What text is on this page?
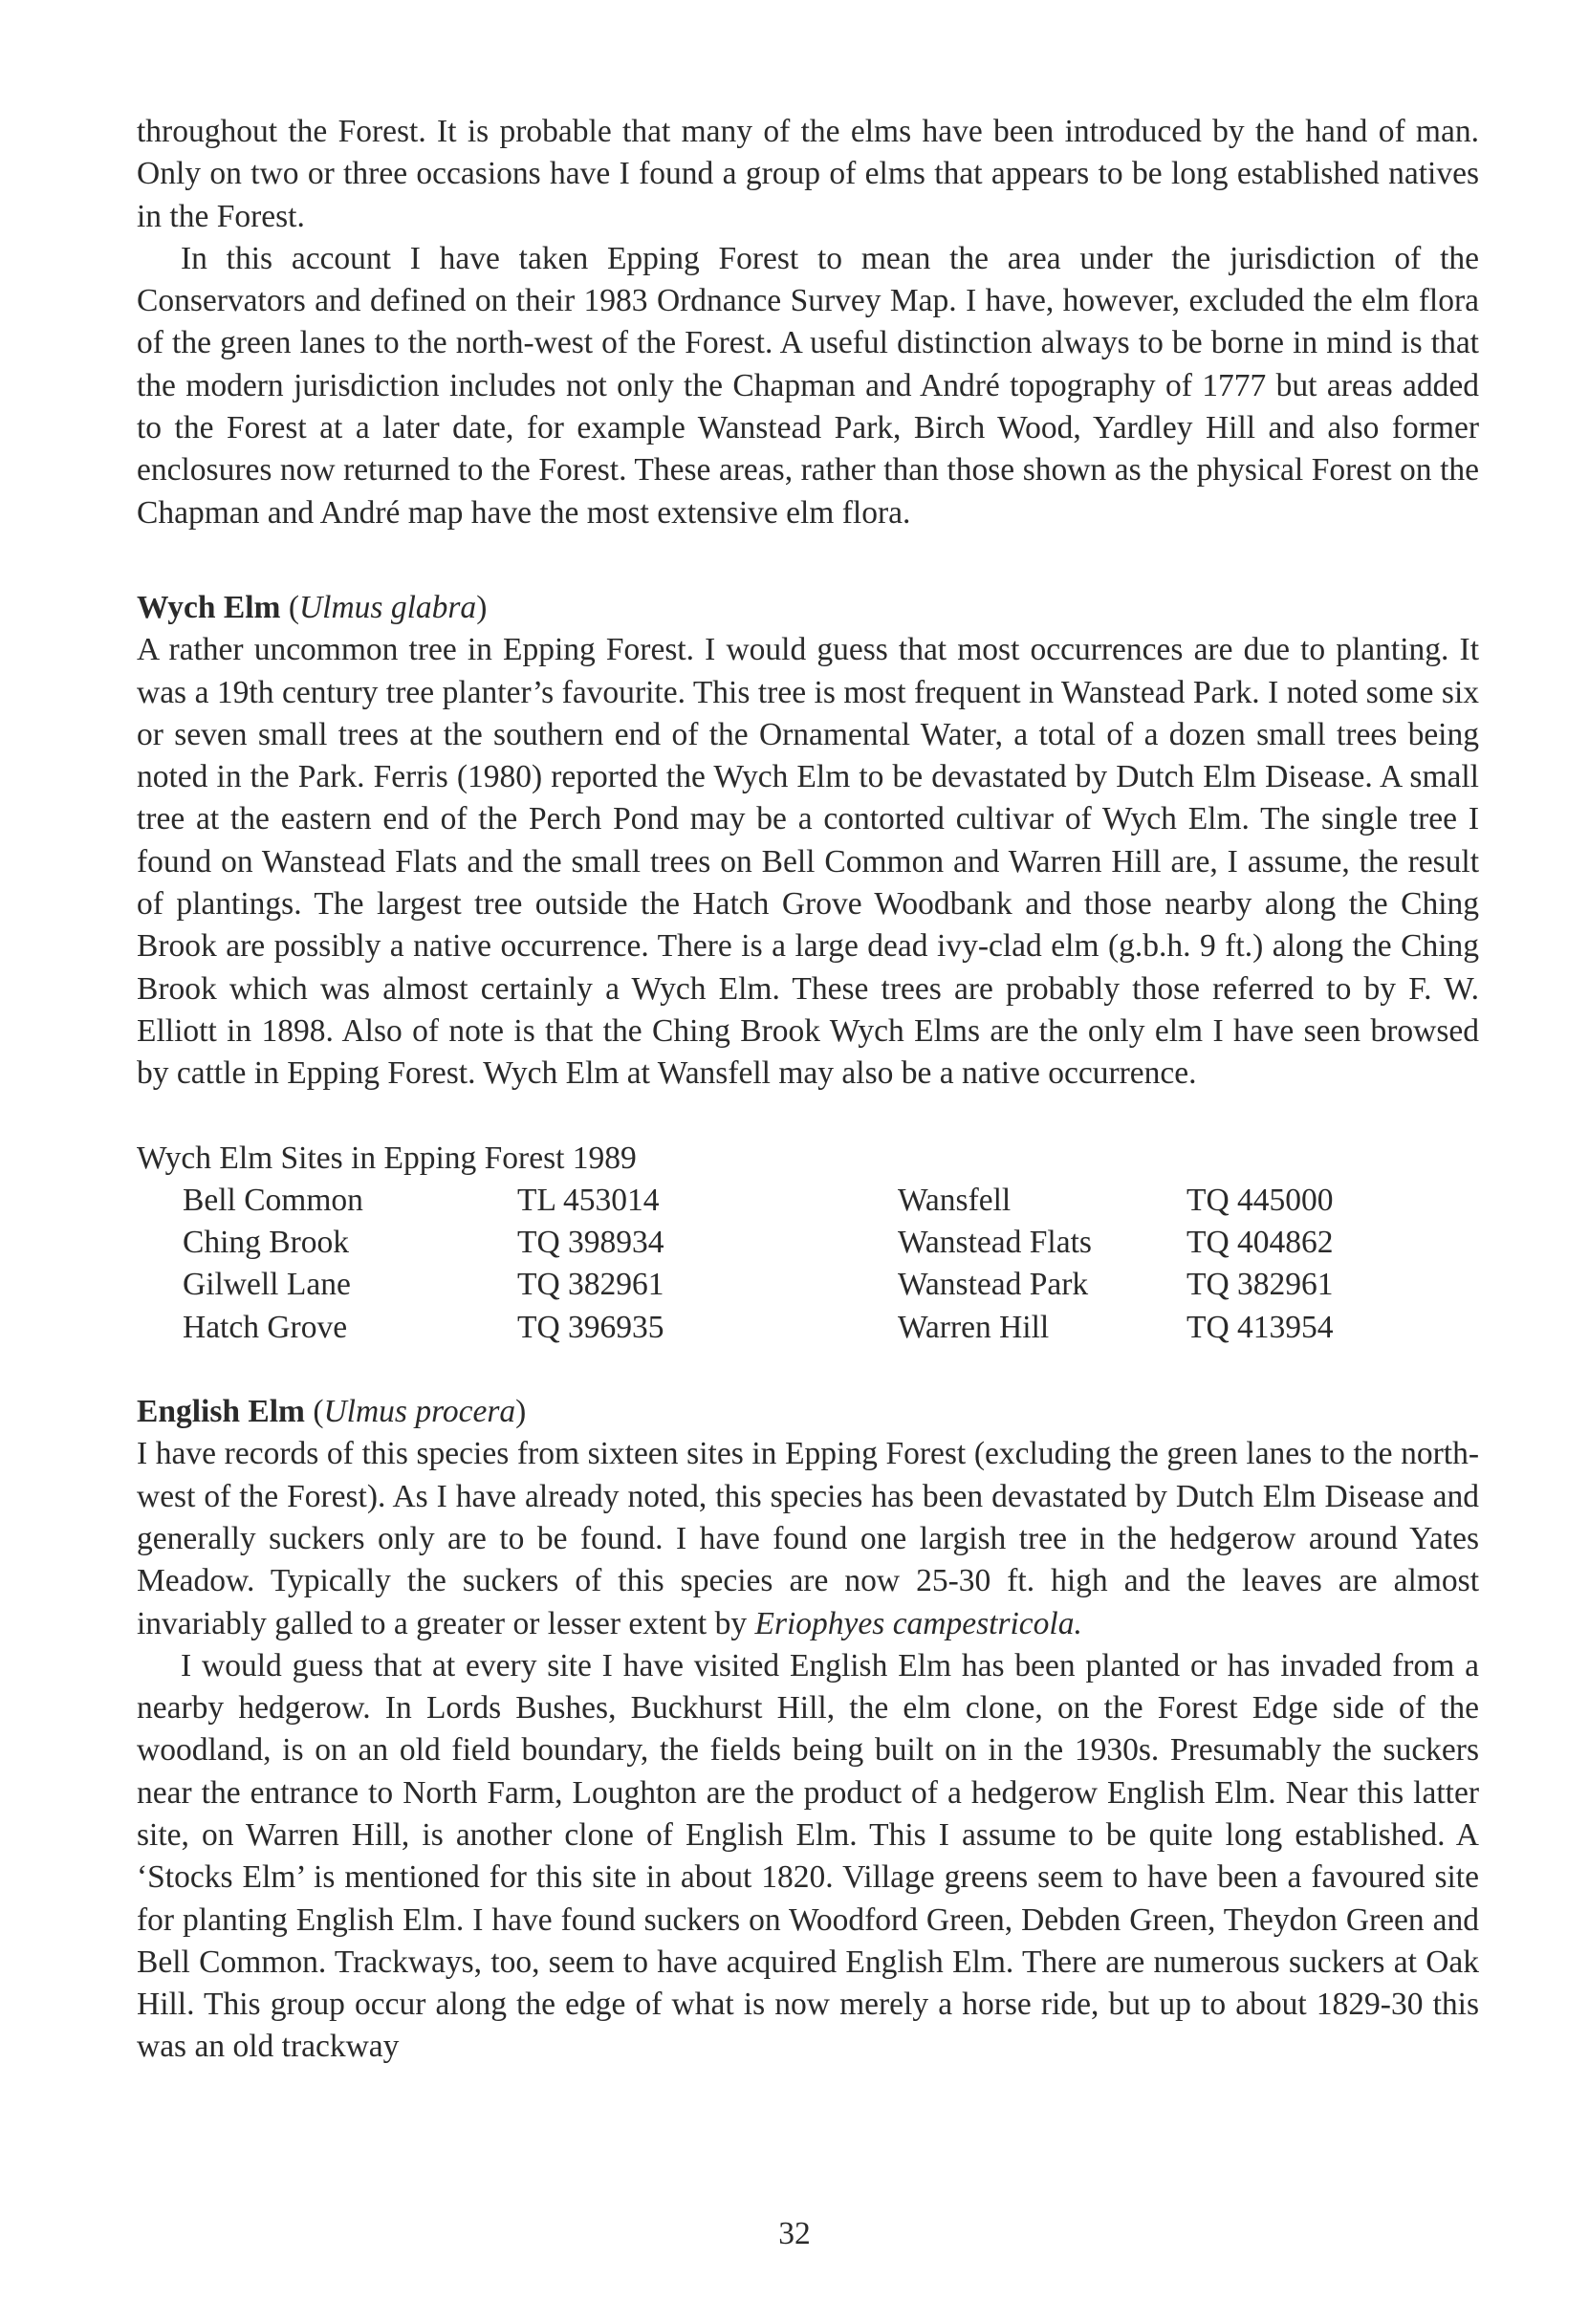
throughout the Forest. It is probable that many of the elms have been introduced by the hand of man. Only on two or three occasions have I found a group of elms that appears to be long established natives in the Forest.

In this account I have taken Epping Forest to mean the area under the jurisdiction of the Conservators and defined on their 1983 Ordnance Survey Map. I have, however, excluded the elm flora of the green lanes to the north-west of the Forest. A useful distinction always to be borne in mind is that the modern jurisdiction includes not only the Chapman and André topography of 1777 but areas added to the Forest at a later date, for example Wanstead Park, Birch Wood, Yardley Hill and also former enclosures now returned to the Forest. These areas, rather than those shown as the physical Forest on the Chapman and André map have the most extensive elm flora.

Wych Elm (Ulmus glabra)

A rather uncommon tree in Epping Forest. I would guess that most occurrences are due to planting. It was a 19th century tree planter’s favourite. This tree is most frequent in Wanstead Park. I noted some six or seven small trees at the southern end of the Ornamental Water, a total of a dozen small trees being noted in the Park. Ferris (1980) reported the Wych Elm to be devastated by Dutch Elm Disease. A small tree at the eastern end of the Perch Pond may be a contorted cultivar of Wych Elm. The single tree I found on Wanstead Flats and the small trees on Bell Common and Warren Hill are, I assume, the result of plantings. The largest tree outside the Hatch Grove Woodbank and those nearby along the Ching Brook are possibly a native occurrence. There is a large dead ivy-clad elm (g.b.h. 9 ft.) along the Ching Brook which was almost certainly a Wych Elm. These trees are probably those referred to by F. W. Elliott in 1898. Also of note is that the Ching Brook Wych Elms are the only elm I have seen browsed by cattle in Epping Forest. Wych Elm at Wansfell may also be a native occurrence.

Wych Elm Sites in Epping Forest 1989

Bell Common	TL 453014	Wansfell	TQ 445000
Ching Brook	TQ 398934	Wanstead Flats	TQ 404862
Gilwell Lane	TQ 382961	Wanstead Park	TQ 382961
Hatch Grove	TQ 396935	Warren Hill	TQ 413954

English Elm (Ulmus procera)

I have records of this species from sixteen sites in Epping Forest (excluding the green lanes to the north-west of the Forest). As I have already noted, this species has been devastated by Dutch Elm Disease and generally suckers only are to be found. I have found one largish tree in the hedgerow around Yates Meadow. Typically the suckers of this species are now 25-30 ft. high and the leaves are almost invariably galled to a greater or lesser extent by Eriophyes campestricola.

I would guess that at every site I have visited English Elm has been planted or has invaded from a nearby hedgerow. In Lords Bushes, Buckhurst Hill, the elm clone, on the Forest Edge side of the woodland, is on an old field boundary, the fields being built on in the 1930s. Presumably the suckers near the entrance to North Farm, Loughton are the product of a hedgerow English Elm. Near this latter site, on Warren Hill, is another clone of English Elm. This I assume to be quite long established. A ‘Stocks Elm’ is mentioned for this site in about 1820. Village greens seem to have been a favoured site for planting English Elm. I have found suckers on Woodford Green, Debden Green, Theydon Green and Bell Common. Trackways, too, seem to have acquired English Elm. There are numerous suckers at Oak Hill. This group occur along the edge of what is now merely a horse ride, but up to about 1829-30 this was an old trackway

32
